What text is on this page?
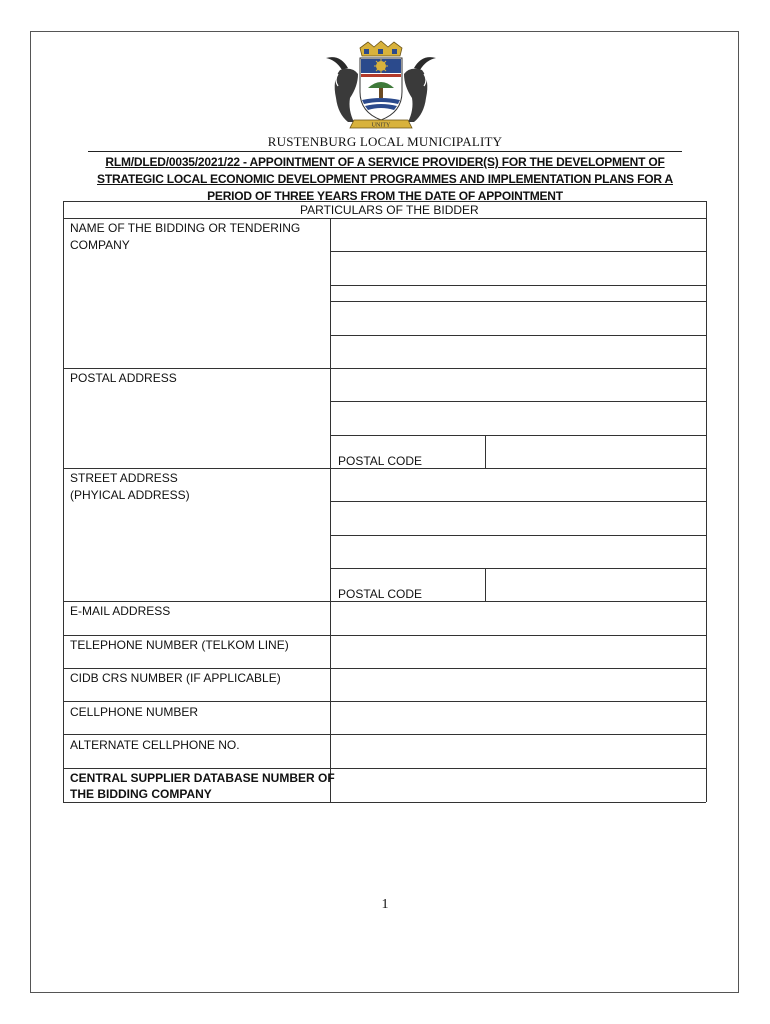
UNITY
RUSTENBURG LOCAL MUNICIPALITY
RLM/DLED/0035/2021/22 - APPOINTMENT OF A SERVICE PROVIDER(S) FOR THE DEVELOPMENT OF
STRATEGIC LOCAL ECONOMIC DEVELOPMENT PROGRAMMES AND IMPLEMENTATION PLANS FOR A
PERIOD OF THREE YEARS FROM THE DATE OF APPOINTMENT
PARTICULARS OF THE BIDDER
NAME OF THE BIDDING OR TENDERING
COMPANY
POSTAL ADDRESS
POSTAL CODE
STREET ADDRESS
(PHYICAL ADDRESS)
POSTAL CODE
E-MAIL ADDRESS
TELEPHONE NUMBER (TELKOM LINE)
CIDB CRS NUMBER (IF APPLICABLE)
CELLPHONE NUMBER
ALTERNATE CELLPHONE NO.
CENTRAL SUPPLIER DATABASE NUMBER OF
THE BIDDING COMPANY
1
